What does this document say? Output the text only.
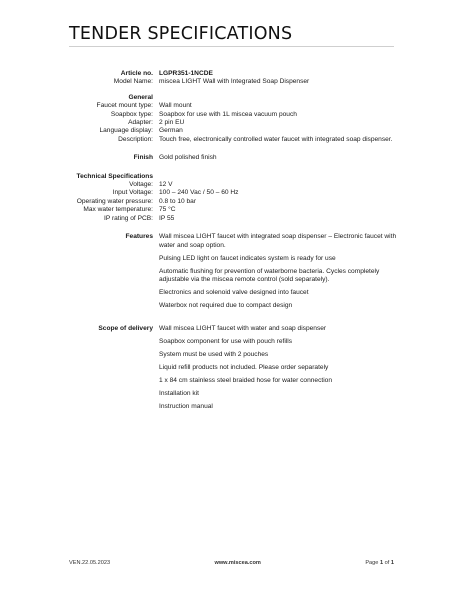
TENDER SPECIFICATIONS
Article no. LGPR351-1NCDE
Model Name: miscea LIGHT Wall with Integrated Soap Dispenser
General
Faucet mount type: Wall mount
Soapbox type: Soapbox for use with 1L miscea vacuum pouch
Adapter: 2 pin EU
Language display: German
Description: Touch free, electronically controlled water faucet with integrated soap dispenser.
Finish Gold polished finish
Technical Specifications
Voltage: 12 V
Input Voltage: 100 – 240 Vac / 50 – 60 Hz
Operating water pressure: 0.8 to 10 bar
Max water temperature: 75 °C
IP rating of PCB: IP 55
Features Wall miscea LIGHT faucet with integrated soap dispenser – Electronic faucet with water and soap option.
Pulsing LED light on faucet indicates system is ready for use
Automatic flushing for prevention of waterborne bacteria. Cycles completely adjustable via the miscea remote control (sold separately).
Electronics and solenoid valve designed into faucet
Waterbox not required due to compact design
Scope of delivery Wall miscea LIGHT faucet with water and soap dispenser
Soapbox component for use with pouch refills
System must be used with 2 pouches
Liquid refill products not included. Please order separately
1 x 84 cm stainless steel braided hose for water connection
Installation kit
Instruction manual
VEN.22.05.2023	www.miscea.com	Page 1 of 1
